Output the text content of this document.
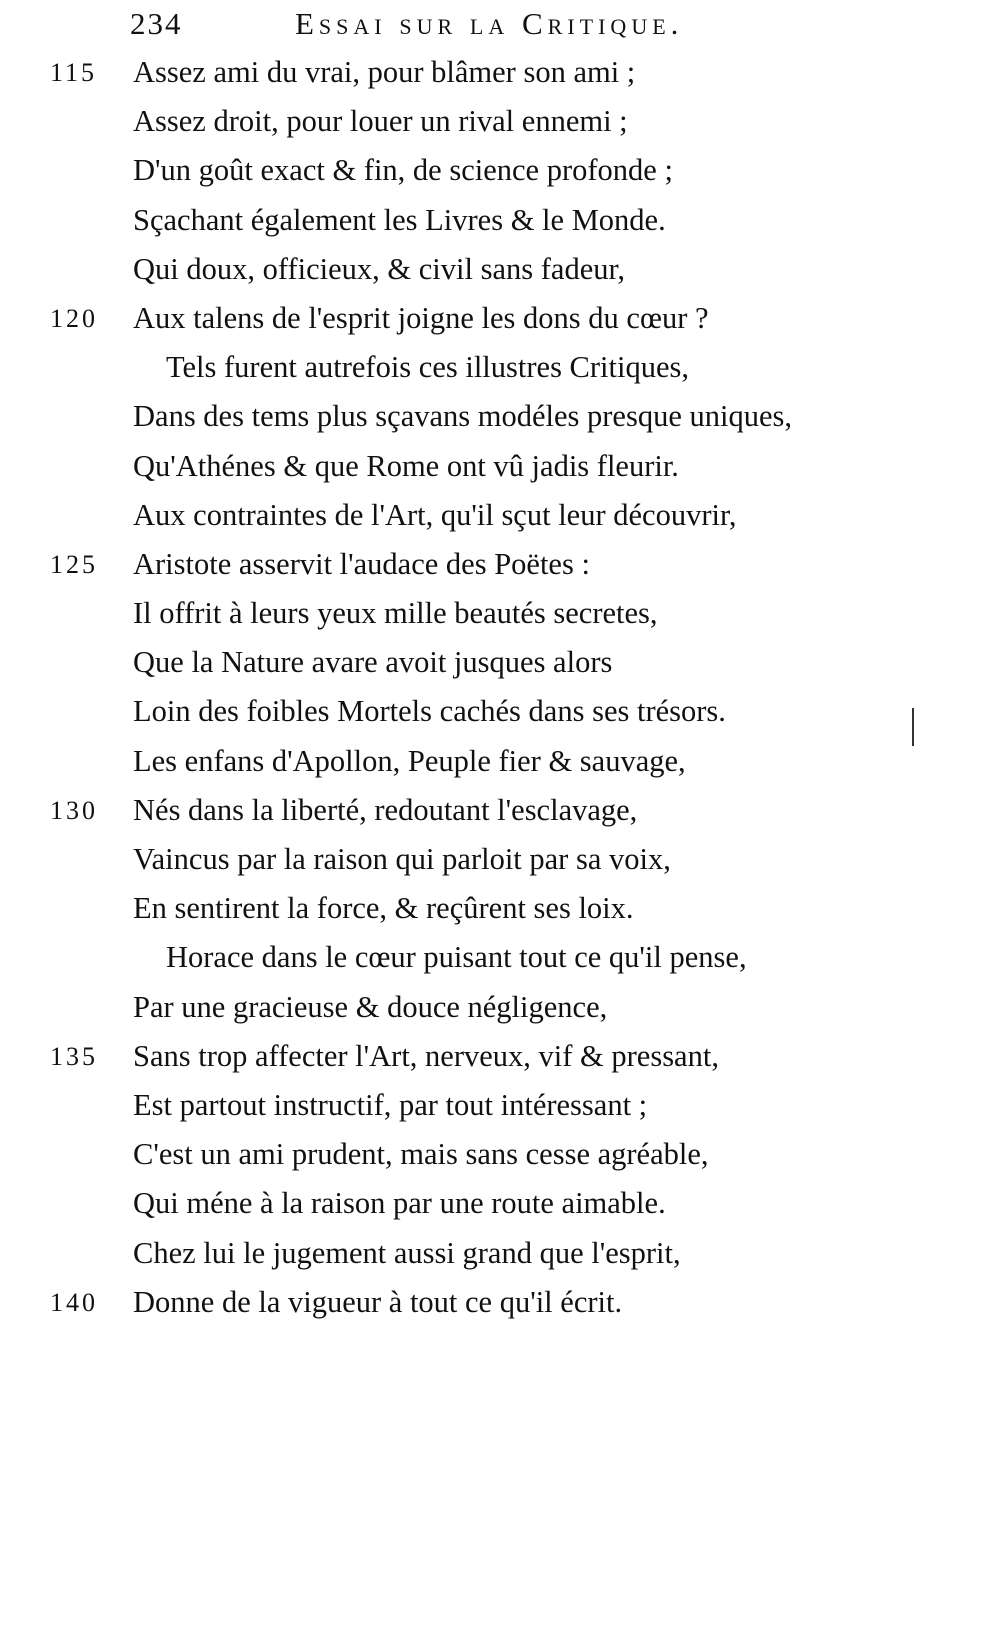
234	Essai sur la Critique.
115	Assez ami du vrai, pour blâmer son ami ;
Assez droit, pour louer un rival ennemi ;
D'un goût exact & fin, de science profonde ;
Sçachant également les Livres & le Monde.
Qui doux, officieux, & civil sans fadeur,
120	Aux talens de l'esprit joigne les dons du cœur ?
Tels furent autrefois ces illustres Critiques,
Dans des tems plus sçavans modéles presque uniques,
Qu'Athénes & que Rome ont vû jadis fleurir.
Aux contraintes de l'Art, qu'il sçut leur découvrir,
125	Aristote asservit l'audace des Poëtes :
Il offrit à leurs yeux mille beautés secretes,
Que la Nature avare avoit jusques alors
Loin des foibles Mortels cachés dans ses trésors.
Les enfans d'Apollon, Peuple fier & sauvage,
130	Nés dans la liberté, redoutant l'esclavage,
Vaincus par la raison qui parloit par sa voix,
En sentirent la force, & reçûrent ses loix.
Horace dans le cœur puisant tout ce qu'il pense,
Par une gracieuse & douce négligence,
135	Sans trop affecter l'Art, nerveux, vif & pressant,
Est partout instructif, par tout intéressant ;
C'est un ami prudent, mais sans cesse agréable,
Qui méne à la raison par une route aimable.
Chez lui le jugement aussi grand que l'esprit,
140	Donne de la vigueur à tout ce qu'il écrit.
